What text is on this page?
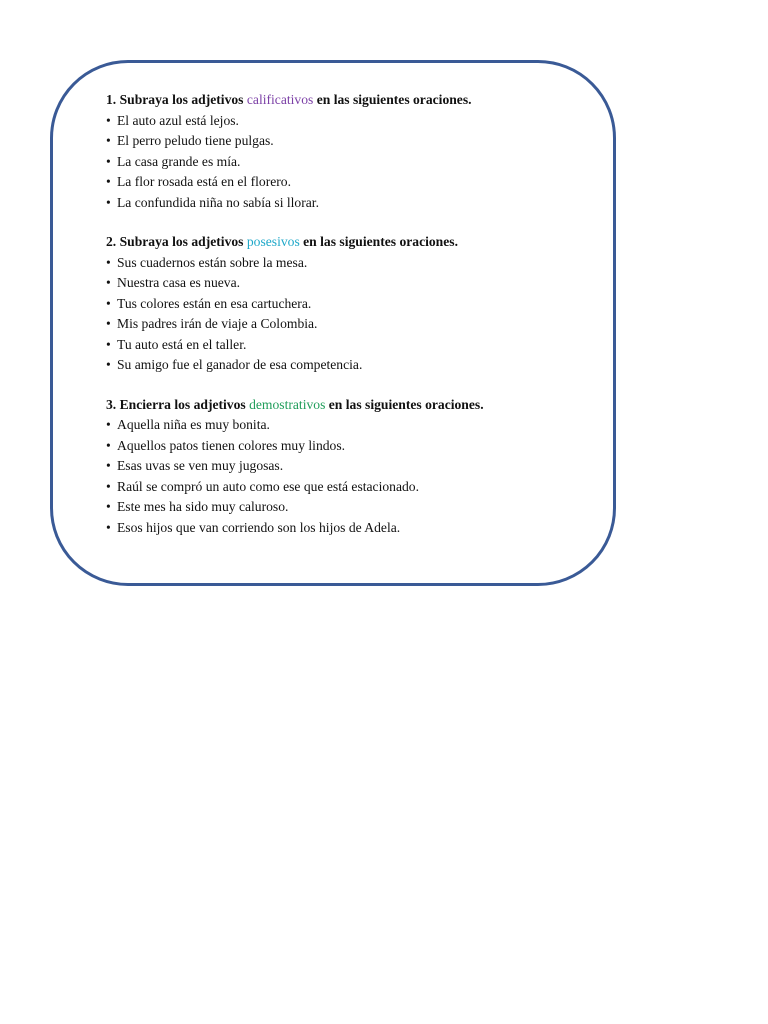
1. Subraya los adjetivos calificativos en las siguientes oraciones.

• El auto azul está lejos.

• El perro peludo tiene pulgas.

• La casa grande es mía.

• La flor rosada está en el florero.

• La confundida niña no sabía si llorar.

2. Subraya los adjetivos posesivos en las siguientes oraciones.

• Sus cuadernos están sobre la mesa.

• Nuestra casa es nueva.

• Tus colores están en esa cartuchera.

• Mis padres irán de viaje a Colombia.

• Tu auto está en el taller.

• Su amigo fue el ganador de esa competencia.

3. Encierra los adjetivos demostrativos en las siguientes oraciones.

• Aquella niña es muy bonita.

• Aquellos patos tienen colores muy lindos.

• Esas uvas se ven muy jugosas.

• Raúl se compró un auto como ese que está estacionado.

• Este mes ha sido muy caluroso.

• Esos hijos que van corriendo son los hijos de Adela.
